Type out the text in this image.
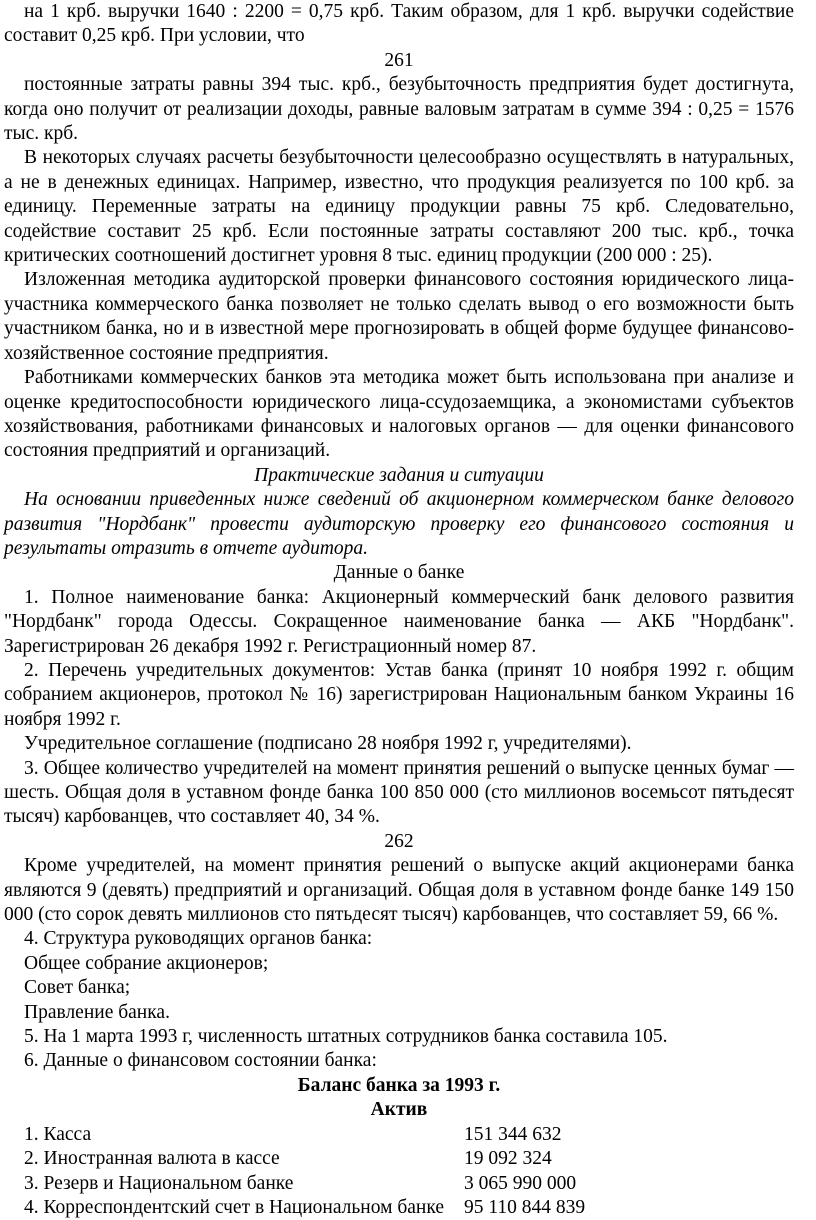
на 1 крб. выручки 1640 : 2200 = 0,75 крб. Таким образом, для 1 крб. выручки содействие составит 0,25 крб. При условии, что

261

постоянные затраты равны 394 тыс. крб., безубыточность предприятия будет достигнута, когда оно получит от реализации доходы, равные валовым затратам в сумме 394 : 0,25 = 1576 тыс. крб.

В некоторых случаях расчеты безубыточности целесообразно осуществлять в натуральных, а не в денежных единицах. Например, известно, что продукция реализуется по 100 крб. за единицу. Переменные затраты на единицу продукции равны 75 крб. Следовательно, содействие составит 25 крб. Если постоянные затраты составляют 200 тыс. крб., точка критических соотношений достигнет уровня 8 тыс. единиц продукции (200 000 : 25).

Изложенная методика аудиторской проверки финансового состояния юридического лица-участника коммерческого банка позволяет не только сделать вывод о его возможности быть участником банка, но и в известной мере прогнозировать в общей форме будущее финансово-хозяйственное состояние предприятия.

Работниками коммерческих банков эта методика может быть использована при анализе и оценке кредитоспособности юридического лица-ссудозаемщика, а экономистами субъектов хозяйствования, работниками финансовых и налоговых органов — для оценки финансового состояния предприятий и организаций.

Практические задания и ситуации

На основании приведенных ниже сведений об акционерном коммерческом банке делового развития "Нордбанк" провести аудиторскую проверку его финансового состояния и результаты отразить в отчете аудитора.

Данные о банке

1. Полное наименование банка: Акционерный коммерческий банк делового развития "Нордбанк" города Одессы. Сокращенное наименование банка — АКБ "Нордбанк". Зарегистрирован 26 декабря 1992 г. Регистрационный номер 87.

2. Перечень учредительных документов: Устав банка (принят 10 ноября 1992 г. общим собранием акционеров, протокол № 16) зарегистрирован Национальным банком Украины 16 ноября 1992 г.

Учредительное соглашение (подписано 28 ноября 1992 г, учредителями).

3. Общее количество учредителей на момент принятия решений о выпуске ценных бумаг — шесть. Общая доля в уставном фонде банка 100 850 000 (сто миллионов восемьсот пятьдесят тысяч) карбованцев, что составляет 40, 34 %.

262

Кроме учредителей, на момент принятия решений о выпуске акций акционерами банка являются 9 (девять) предприятий и организаций. Общая доля в уставном фонде банке 149 150 000 (сто сорок девять миллионов сто пятьдесят тысяч) карбованцев, что составляет 59, 66 %.

4. Структура руководящих органов банка:

Общее собрание акционеров;

Совет банка;

Правление банка.

5. На 1 марта 1993 г, численность штатных сотрудников банка составила 105.

6. Данные о финансовом состоянии банка:

Баланс банка за 1993 г.

Актив

1. Касса	151 344 632
2. Иностранная валюта в кассе	19 092 324
3. Резерв и Национальном банке	3 065 990 000
4. Корреспондентский счет в Национальном банке	95 110 844 839
